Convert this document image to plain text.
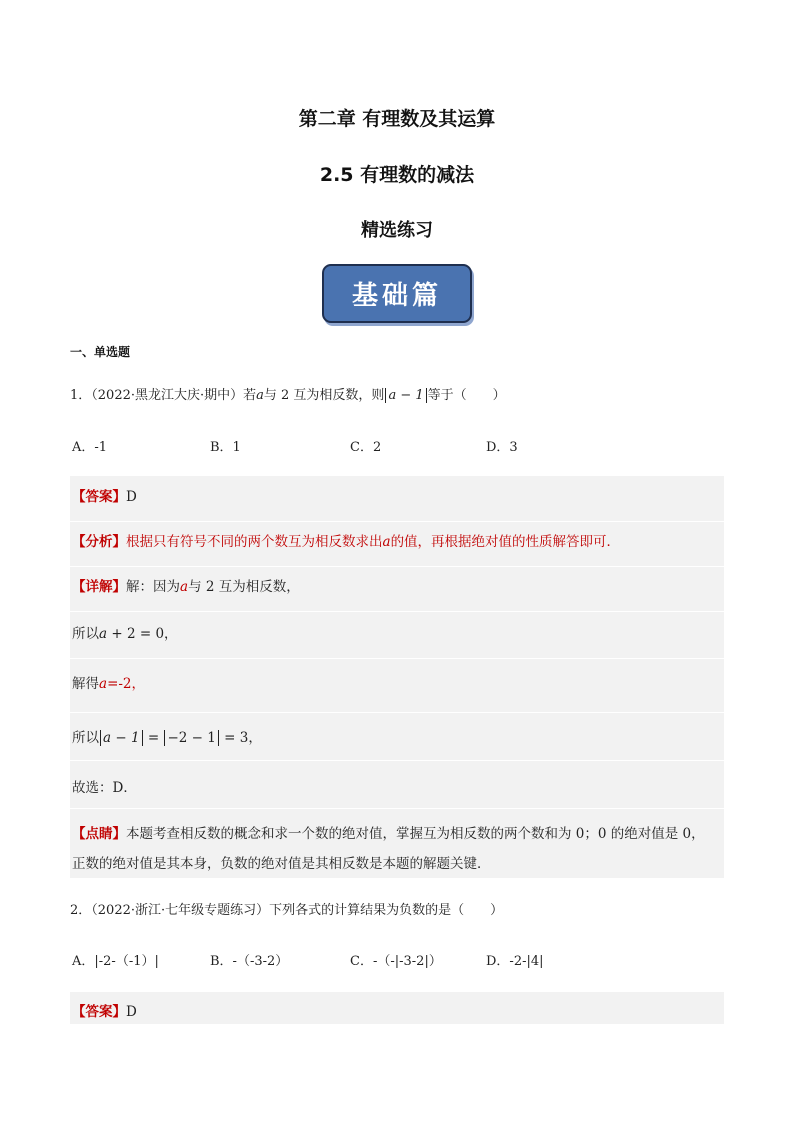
第二章 有理数及其运算
2.5 有理数的减法
精选练习
基础篇
一、单选题
1．（2022·黑龙江大庆·期中）若a与 2 互为相反数，则 a − 1 等于（　　）
A．-1	B．1	C．2	D．3
【答案】D
【分析】根据只有符号不同的两个数互为相反数求出a的值，再根据绝对值的性质解答即可．
【详解】解：因为a与 2 互为相反数，
所以a + 2 = 0，
解得a=-2，
所以 a − 1 = −2 − 1 = 3，
故选：D．
【点睛】本题考查相反数的概念和求一个数的绝对值，掌握互为相反数的两个数和为 0；0 的绝对值是 0，
正数的绝对值是其本身，负数的绝对值是其相反数是本题的解题关键．
2．（2022·浙江·七年级专题练习）下列各式的计算结果为负数的是（　　）
A．|-2-（-1）|	B．-（-3-2）	C．-（-|-3-2|）	D．-2-|4|
【答案】D
